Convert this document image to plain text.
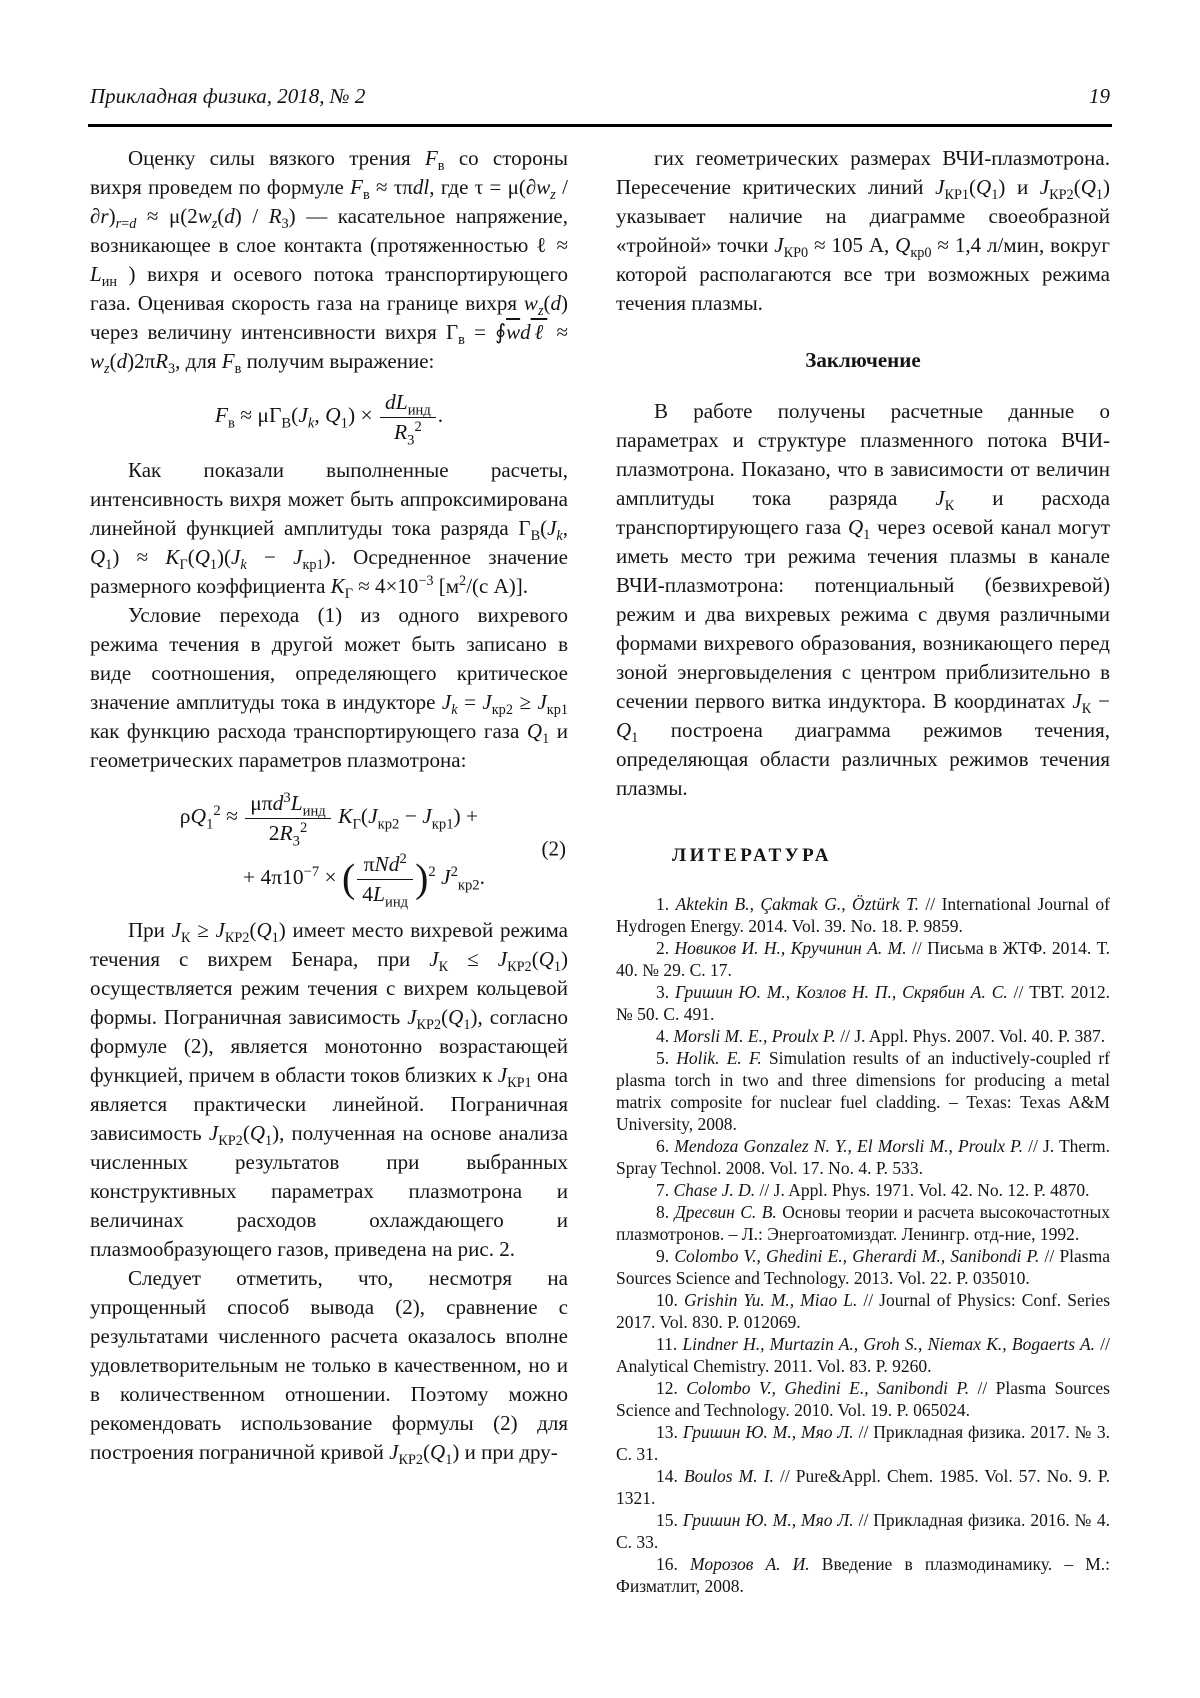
Прикладная физика, 2018, № 2	19

Оценку силы вязкого трения $F_в$ со стороны вихря проведем по формуле $F_в \approx \tau\pi dl$, где $\tau = \mu(\partial w_z / \partial r)_{r=d} \approx \mu(2w_z(d) / R_3)$ — касательное напряжение, возникающее в слое контакта (протяженностью ℓ ≈ $L_{ин}$ ) вихря и осевого потока транспортирующего газа. Оценивая скорость газа на границе вихря $w_z(d)$ через величину интенсивности вихря $\Gamma_в$ = $∮\overline{w}d\ell \approx w_z(d)2\pi R_3$, для $F_в$ получим выражение:

$F_в \approx \mu\Gamma_В(J_k$, $Q_1) \times \frac{dL_{инд}}{R_3^2}$ .

Как показали выполненные расчеты, интенсивность вихря может быть аппроксимирована линейной функцией амплитуды тока разряда $\Gamma_В(J_k$, $Q_1) \approx K_\Gamma(Q_1)(J_k - J_{кр1})$. Осредненное значение размерного коэффициента $K_\Gamma \approx 4\times 10^{-3}$ [$м^2/(с$ А)].

Условие перехода (1) из одного вихревого режима течения в другой может быть записано в виде соотношения, определяющего критическое значение амплитуды тока в индукторе $J_k = J_{кр2} \ge J_{кр1}$ как функцию расхода транспортирующего газа $Q_1$ и геометрических параметров плазмотрона:

$\rho Q_1^2 \approx \frac{\mu\pi d^3L_{инд}}{2R_3^2} K_\Gamma(J_{кр2} - J_{кр1})$ +
+ $4\pi 10^{-7}$ × ( $\frac{\pi Nd^2}{4L_{инд}} )^2$ $J^2_{кр2}$.
(2)

При $J_К \ge J_{КР2}(Q_1)$ имеет место вихревой режима течения с вихрем Бенара, при $J_К \le J_{КР2}(Q_1)$ осуществляется режим течения с вихрем кольцевой формы. Пограничная зависимость $J_{КР2}(Q_1)$, согласно формуле (2), является монотонно возрастающей функцией, причем в области токов близких к $J_{КР1}$ она является практически линейной. Пограничная зависимость $J_{КР2}(Q_1)$, полученная на основе анализа численных результатов при выбранных конструктивных параметрах плазмотрона и величинах расходов охлаждающего и плазмообразующего газов, приведена на рис. 2.

Следует отметить, что, несмотря на упрощенный способ вывода (2), сравнение с результатами численного расчета оказалось вполне удовлетворительным не только в качественном, но и в количественном отношении. Поэтому можно рекомендовать использование формулы (2) для построения пограничной кривой $J_{КР2}(Q_1)$ и при дру-

гих геометрических размерах ВЧИ-плазмотрона. Пересечение критических линий $J_{КР1}(Q_1)$ и $J_{КР2}(Q_1)$ указывает наличие на диаграмме своеобразной «тройной» точки $J_{КР0} \approx 105$ А, $Q_{кр0} \approx 1,4$ л/мин, вокруг которой располагаются все три возможных режима течения плазмы.

Заключение

В работе получены расчетные данные о параметрах и структуре плазменного потока ВЧИ-плазмотрона. Показано, что в зависимости от величин амплитуды тока разряда $J_К$ и расхода транспортирующего газа $Q_1$ через осевой канал могут иметь место три режима течения плазмы в канале ВЧИ-плазмотрона: потенциальный (безвихревой) режим и два вихревых режима с двумя различными формами вихревого образования, возникающего перед зоной энерговыделения с центром приблизительно в сечении первого витка индуктора. В координатах $J_К - Q_1$ построена диаграмма режимов течения, определяющая области различных режимов течения плазмы.

ЛИТЕРАТУРА

1. Aktekin B., Çakmak G., Öztürk T. // International Journal of Hydrogen Energy. 2014. Vol. 39. No. 18. P. 9859.

2. Новиков И. Н., Кручинин А. М. // Письма в ЖТФ. 2014. Т. 40. № 29. С. 17.

3. Гришин Ю. М., Козлов Н. П., Скрябин А. С. // ТВТ. 2012. № 50. С. 491.

4. Morsli M. E., Proulx P. // J. Appl. Phys. 2007. Vol. 40. P. 387.

5. Holik. E. F. Simulation results of an inductively-coupled rf plasma torch in two and three dimensions for producing a metal matrix composite for nuclear fuel cladding. – Texas: Texas A&M University, 2008.

6. Mendoza Gonzalez N. Y., El Morsli M., Proulx P. // J. Therm. Spray Technol. 2008. Vol. 17. No. 4. P. 533.

7. Chase J. D. // J. Appl. Phys. 1971. Vol. 42. No. 12. P. 4870.

8. Дресвин С. В. Основы теории и расчета высокочастотных плазмотронов. – Л.: Энергоатомиздат. Ленингр. отд-ние, 1992.

9. Colombo V., Ghedini E., Gherardi M., Sanibondi P. // Plasma Sources Science and Technology. 2013. Vol. 22. P. 035010.

10. Grishin Yu. M., Miao L. // Journal of Physics: Conf. Series 2017. Vol. 830. P. 012069.

11. Lindner H., Murtazin A., Groh S., Niemax K., Bogaerts A. // Analytical Chemistry. 2011. Vol. 83. P. 9260.

12. Colombo V., Ghedini E., Sanibondi P. // Plasma Sources Science and Technology. 2010. Vol. 19. P. 065024.

13. Гришин Ю. М., Мяо Л. // Прикладная физика. 2017. № 3. С. 31.

14. Boulos M. I. // Pure&Appl. Chem. 1985. Vol. 57. No. 9. P. 1321.

15. Гришин Ю. М., Мяо Л. // Прикладная физика. 2016. № 4. С. 33.

16. Морозов А. И. Введение в плазмодинамику. – М.: Физматлит, 2008.
